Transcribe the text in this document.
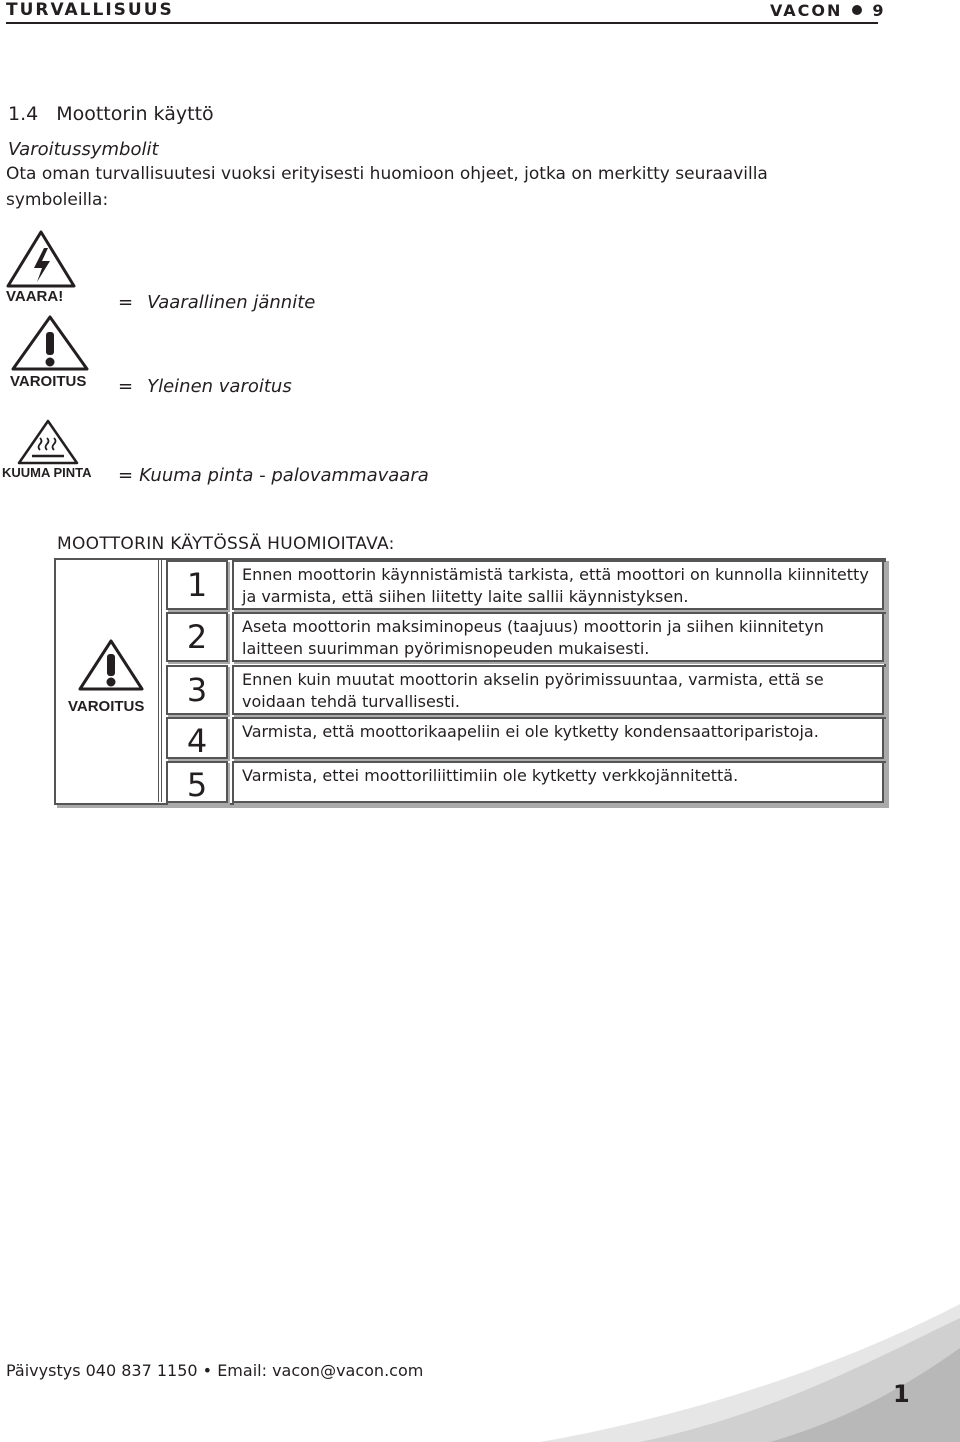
TURVALLISUUS	VACON 9
1.4 Moottorin käyttö
Varoitussymbolit
Ota oman turvallisuutesi vuoksi erityisesti huomioon ohjeet, jotka on merkitty seuraavilla symboleilla:
VAARA!	= Vaarallinen jännite
VAROITUS = Yleinen varoitus
KUUMA PINTA = Kuuma pinta - palovammavaara
MOOTTORIN KÄYTÖSSÄ HUOMIOITAVA:
VAROITUS
1	Ennen moottorin käynnistämistä tarkista, että moottori on kunnolla kiinnitetty ja varmista, että siihen liitetty laite sallii käynnistyksen.
2	Aseta moottorin maksiminopeus (taajuus) moottorin ja siihen kiinnitetyn laitteen suurimman pyörimisnopeuden mukaisesti.
3	Ennen kuin muutat moottorin akselin pyörimissuuntaa, varmista, että se voidaan tehdä turvallisesti.
4	Varmista, että moottorikaapeliin ei ole kytketty kondensaattoriparistoja.
5	Varmista, ettei moottoriliittimiin ole kytketty verkkojännitettä.
Päivystys 040 837 1150 • Email: vacon@vacon.com
1
